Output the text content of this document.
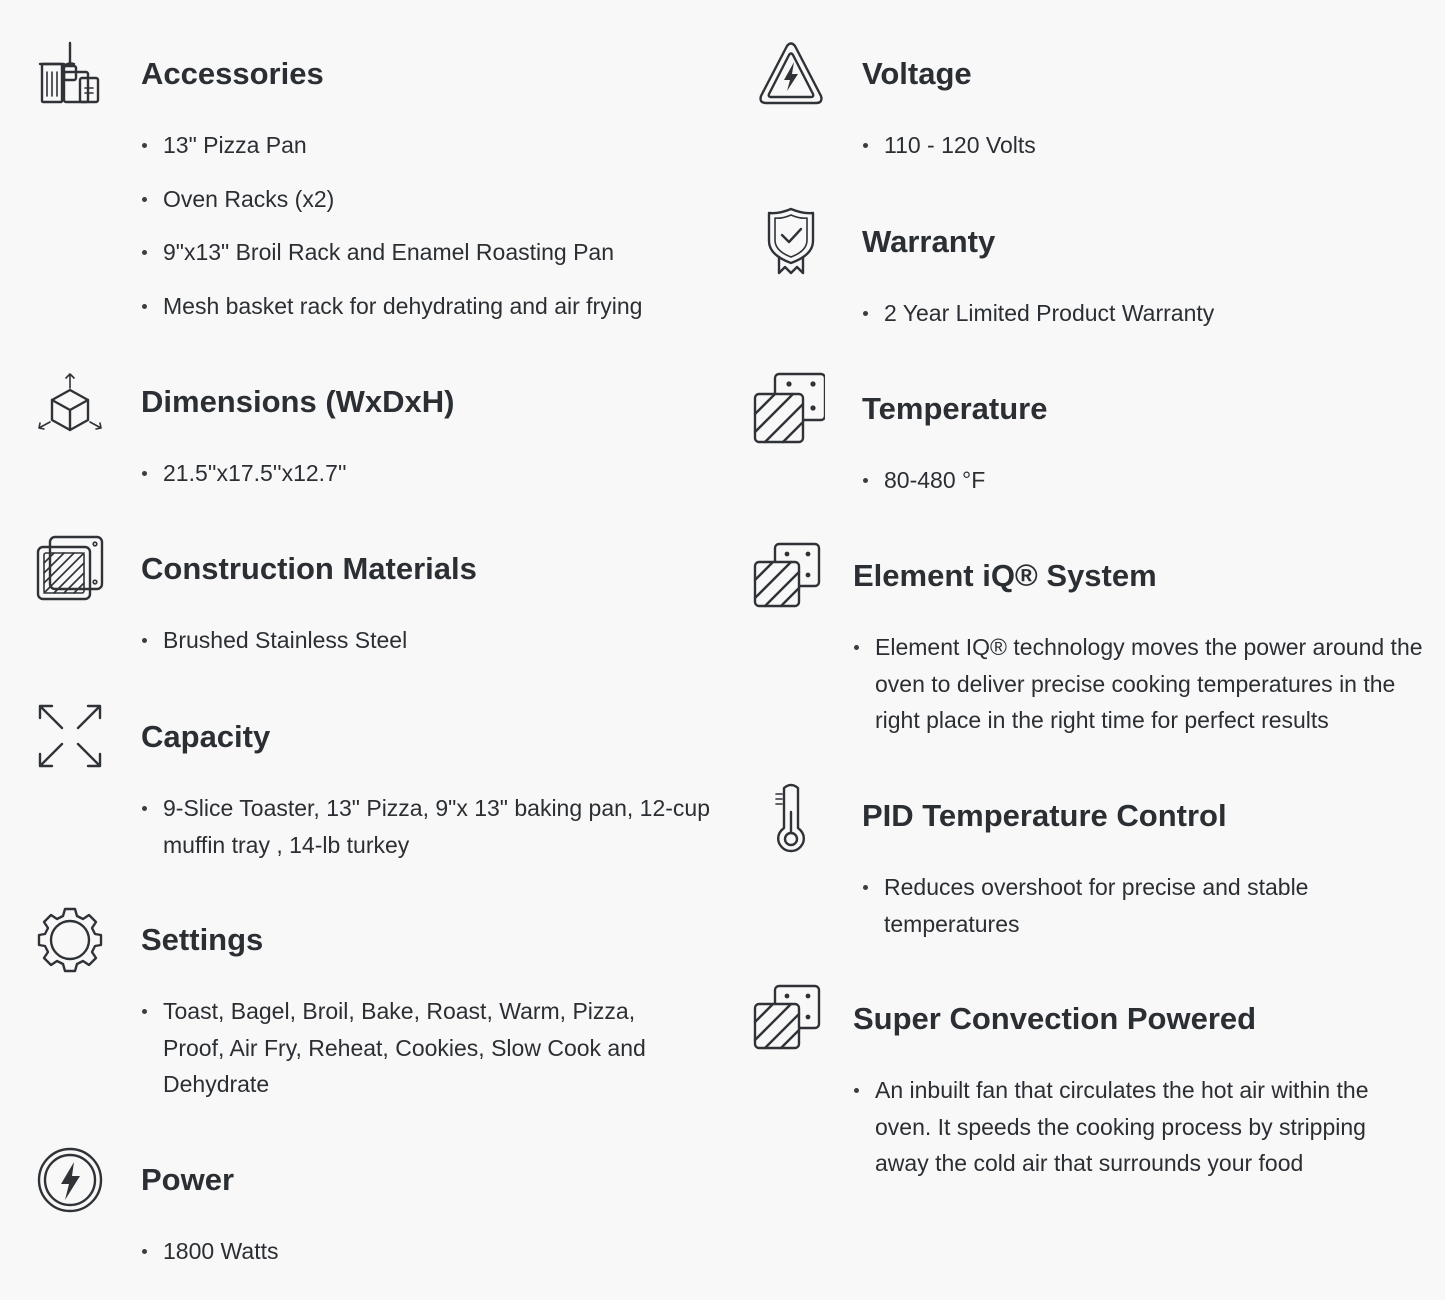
Accessories
13" Pizza Pan
Oven Racks (x2)
9"x13" Broil Rack and Enamel Roasting Pan
Mesh basket rack for dehydrating and air frying
Dimensions (WxDxH)
21.5''x17.5''x12.7''
Construction Materials
Brushed Stainless Steel
Capacity
9-Slice Toaster, 13" Pizza, 9"x 13" baking pan, 12-cup muffin tray , 14-lb turkey
Settings
Toast, Bagel, Broil, Bake, Roast, Warm, Pizza, Proof, Air Fry, Reheat, Cookies, Slow Cook and Dehydrate
Power
1800 Watts
Voltage
110 - 120 Volts
Warranty
2 Year Limited Product Warranty
Temperature
80-480 °F
Element iQ® System
Element IQ® technology moves the power around the oven to deliver precise cooking temperatures in the right place in the right time for perfect results
PID Temperature Control
Reduces overshoot for precise and stable temperatures
Super Convection Powered
An inbuilt fan that circulates the hot air within the oven. It speeds the cooking process by stripping away the cold air that surrounds your food
